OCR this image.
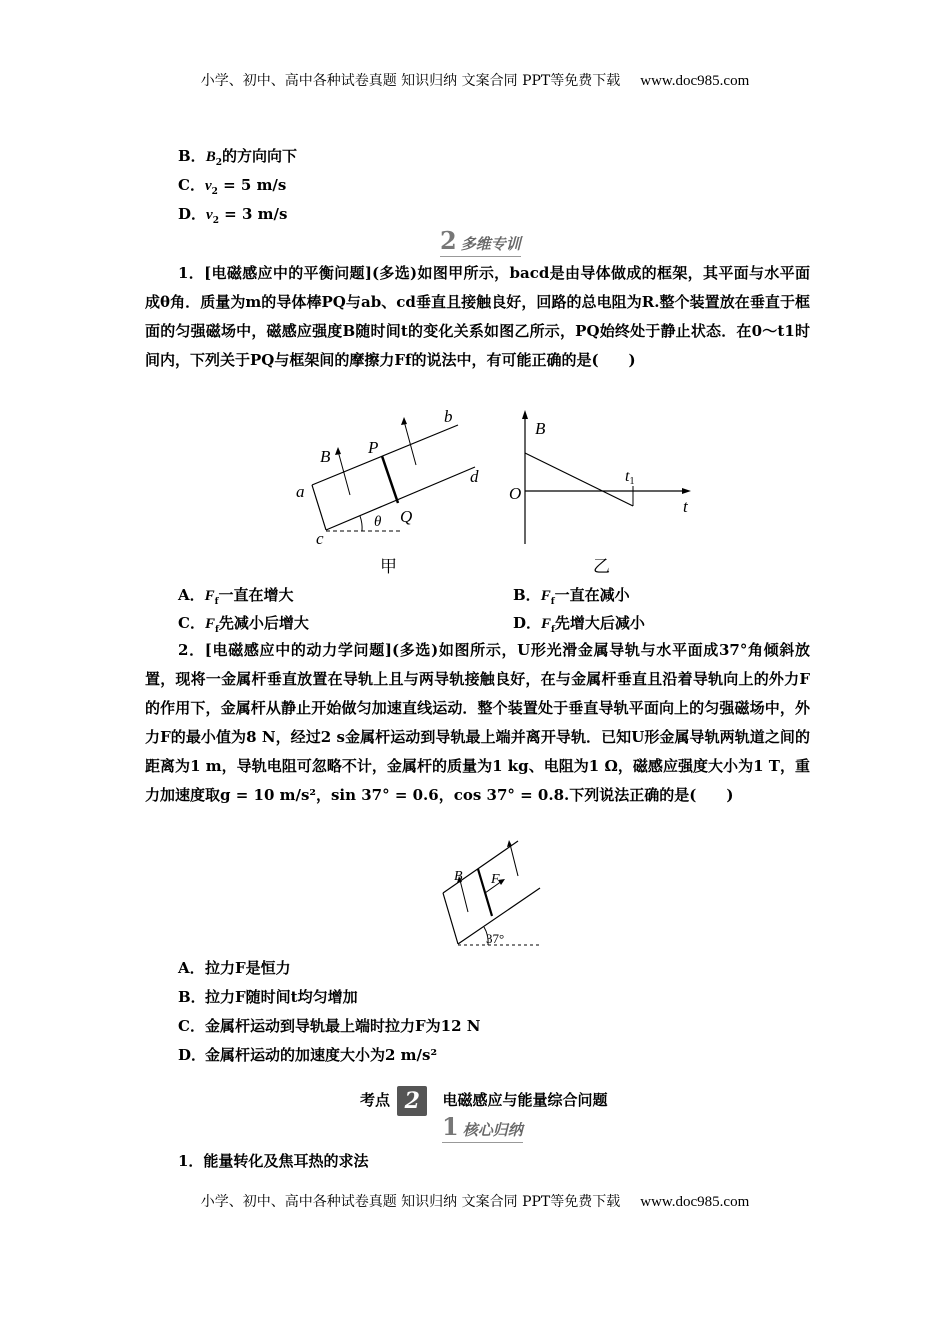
小学、初中、高中各种试卷真题 知识归纳 文案合同 PPT等免费下载 www.doc985.com
B．$B_2$的方向向下
C．$v_2 = 5$ m/s
D．$v_2 = 3$ m/s
2 多维专训
1．[电磁感应中的平衡问题](多选)如图甲所示，bacd是由导体做成的框架，其平面与水平面成θ角．质量为m的导体棒PQ与ab、cd垂直且接触良好，回路的总电阻为R.整个装置放在垂直于框面的匀强磁场中，磁感应强度B随时间t的变化关系如图乙所示，PQ始终处于静止状态．在0～t1时间内，下列关于PQ与框架间的摩擦力Ff的说法中，有可能正确的是(　　)
b
B P
a
d
θ Q
c
甲
B
O
t1
t
乙
A．$F_f$一直在增大	B．$F_f$一直在减小
C．$F_f$先减小后增大	D．$F_f$先增大后减小
2．[电磁感应中的动力学问题](多选)如图所示，U形光滑金属导轨与水平面成37°角倾斜放置，现将一金属杆垂直放置在导轨上且与两导轨接触良好，在与金属杆垂直且沿着导轨向上的外力F的作用下，金属杆从静止开始做匀加速直线运动．整个装置处于垂直导轨平面向上的匀强磁场中，外力F的最小值为8 N，经过2 s金属杆运动到导轨最上端并离开导轨．已知U形金属导轨两轨道之间的距离为1 m，导轨电阻可忽略不计，金属杆的质量为1 kg、电阻为1 Ω，磁感应强度大小为1 T，重力加速度取g = 10 m/s²，sin 37° = 0.6，cos 37° = 0.8.下列说法正确的是(　　)
B F
37°
A． 拉力F是恒力
B． 拉力F随时间t均匀增加
C． 金属杆运动到导轨最上端时拉力F为12 N
D．
金属杆运动的加速度大小为2 m/s²
考点 2 电磁感应与能量综合问题
1 核心归纳
1．能量转化及焦耳热的求法
小学、初中、高中各种试卷真题 知识归纳 文案合同 PPT等免费下载 www.doc985.com
